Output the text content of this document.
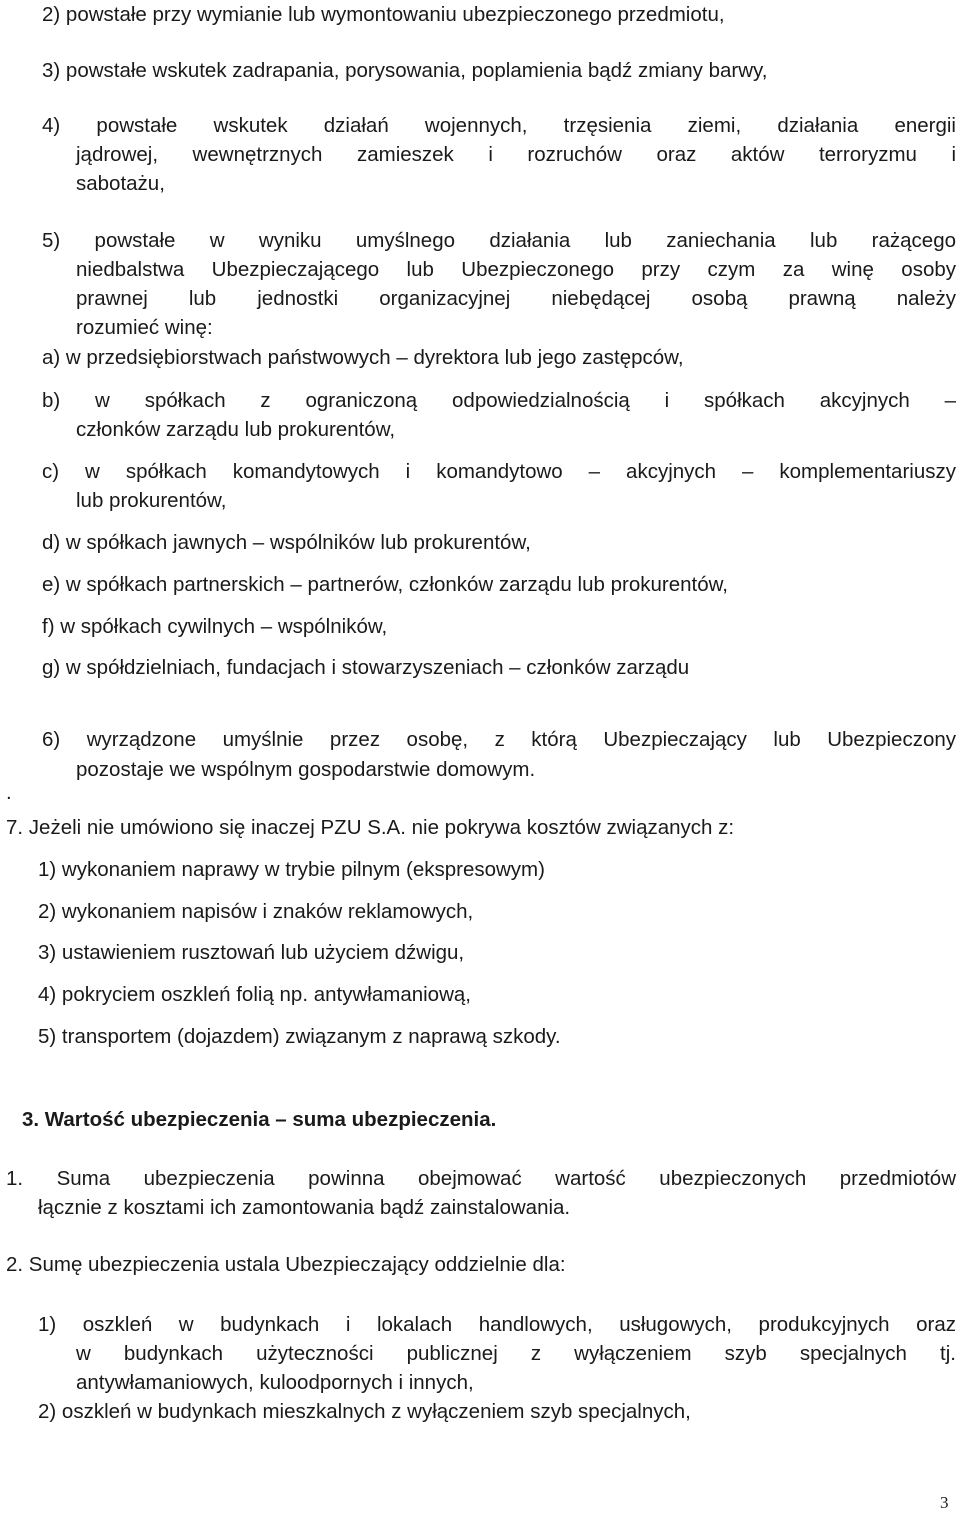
2) powstałe przy wymianie lub wymontowaniu ubezpieczonego przedmiotu,
3) powstałe wskutek zadrapania, porysowania, poplamienia bądź zmiany barwy,
4) powstałe wskutek działań wojennych, trzęsienia ziemi, działania energii
jądrowej, wewnętrznych zamieszek i rozruchów oraz aktów terroryzmu i
sabotażu,
5) powstałe w wyniku umyślnego działania lub zaniechania lub rażącego
niedbalstwa Ubezpieczającego lub Ubezpieczonego przy czym za winę osoby
prawnej lub jednostki organizacyjnej niebędącej osobą prawną należy
rozumieć winę:
a) w przedsiębiorstwach państwowych – dyrektora lub jego zastępców,
b) w spółkach z ograniczoną odpowiedzialnością i spółkach akcyjnych –
członków zarządu lub prokurentów,
c) w spółkach komandytowych i komandytowo – akcyjnych – komplementariuszy
lub prokurentów,
d) w spółkach jawnych – wspólników lub prokurentów,
e) w spółkach partnerskich – partnerów, członków zarządu lub prokurentów,
f) w spółkach cywilnych – wspólników,
g) w spółdzielniach, fundacjach i stowarzyszeniach – członków zarządu
6) wyrządzone umyślnie przez osobę, z którą Ubezpieczający lub Ubezpieczony
pozostaje we wspólnym gospodarstwie domowym.
.
7. Jeżeli nie umówiono się inaczej PZU S.A. nie pokrywa kosztów związanych z:
1) wykonaniem naprawy w trybie pilnym (ekspresowym)
2) wykonaniem napisów i znaków reklamowych,
3) ustawieniem rusztowań lub użyciem dźwigu,
4) pokryciem oszkleń folią np. antywłamaniową,
5) transportem (dojazdem) związanym z naprawą szkody.
3. Wartość ubezpieczenia – suma ubezpieczenia.
1. Suma ubezpieczenia powinna obejmować wartość ubezpieczonych przedmiotów
łącznie z kosztami ich zamontowania bądź zainstalowania.
2. Sumę ubezpieczenia ustala Ubezpieczający oddzielnie dla:
1) oszkleń w budynkach i lokalach handlowych, usługowych, produkcyjnych oraz
w budynkach użyteczności publicznej z wyłączeniem szyb specjalnych tj.
antywłamaniowych, kuloodpornych i innych,
2) oszkleń w budynkach mieszkalnych z wyłączeniem szyb specjalnych,
3
